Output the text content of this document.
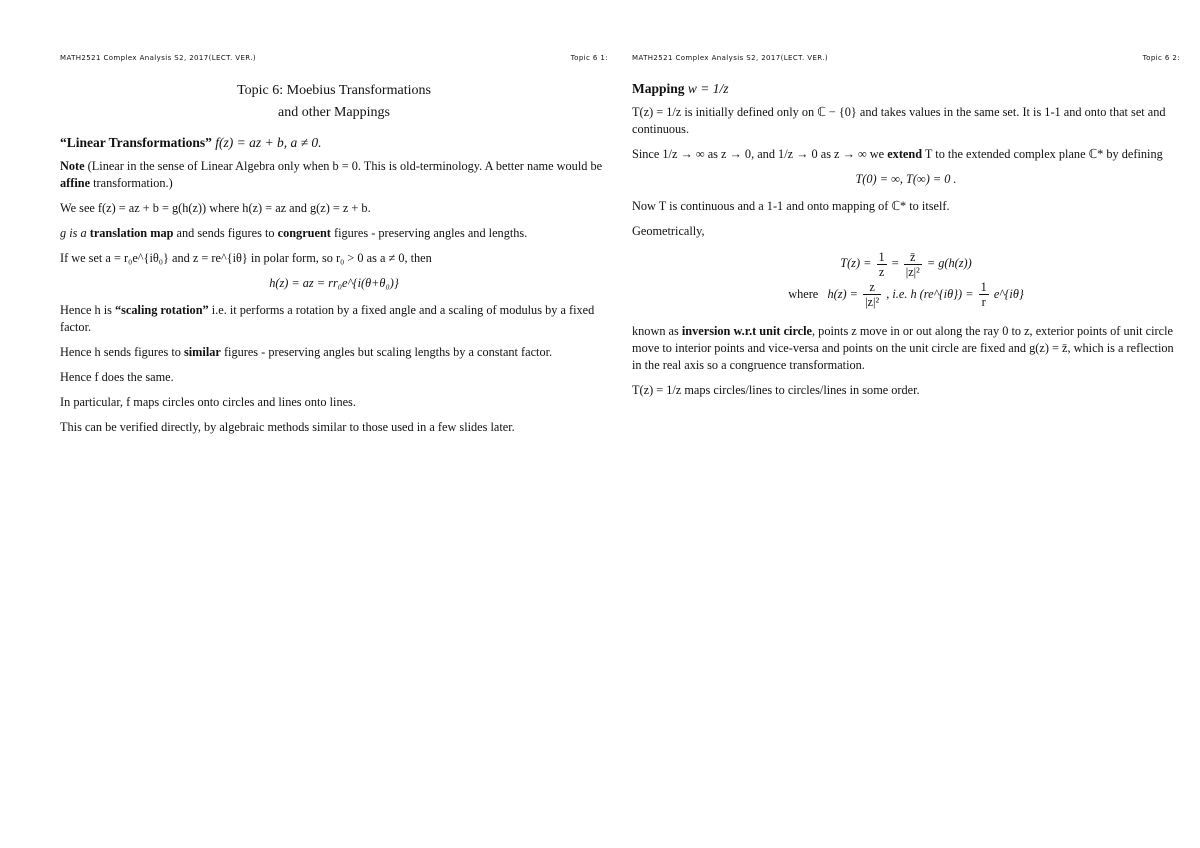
MATH2521 Complex Analysis S2, 2017(LECT. VER.)	Topic 6 1:
Topic 6: Moebius Transformations
and other Mappings

“Linear Transformations” f(z) = az + b, a ≠ 0.

Note (Linear in the sense of Linear Algebra only when b = 0. This is old-terminology. A better name would be affine transformation.)

We see f(z) = az + b = g(h(z)) where h(z) = az and g(z) = z + b.

g is a translation map and sends figures to congruent figures - preserving angles and lengths.

If we set a = r₀e^{iθ₀} and z = re^{iθ} in polar form, so r₀ > 0 as a ≠ 0, then

h(z) = az = rr₀e^{i(θ+θ₀)}

Hence h is “scaling rotation” i.e. it performs a rotation by a fixed angle and a scaling of modulus by a fixed factor.

Hence h sends figures to similar figures - preserving angles but scaling lengths by a constant factor.

Hence f does the same.

In particular, f maps circles onto circles and lines onto lines.

This can be verified directly, by algebraic methods similar to those used in a few slides later.

MATH2521 Complex Analysis S2, 2017(LECT. VER.)	Topic 6 2:

Mapping w = 1/z

T(z) = 1/z is initially defined only on ℂ − {0} and takes values in the same set. It is 1-1 and onto that set and continuous.

Since 1/z → ∞ as z → 0, and 1/z → 0 as z → ∞ we extend T to the extended complex plane ℂ* by defining

T(0) = ∞, T(∞) = 0 .

Now T is continuous and a 1-1 and onto mapping of ℂ* to itself.

Geometrically,

$T(z) = \frac{1}{z} = \frac{z̄}{\text{|z|²}} = g(h(z))$
where $h(z) = \frac{z}{\text{|z|²}}$ , i.e. h (re^{iθ}) = $\frac{1}{r}$ e^{iθ}

known as inversion w.r.t unit circle, points z move in or out along the ray 0 to z, exterior points of unit circle move to interior points and vice-versa and points on the unit circle are fixed and g(z) = z̄, which is a reflection in the real axis so a congruence transformation.

T(z) = 1/z maps circles/lines to circles/lines in some order.
